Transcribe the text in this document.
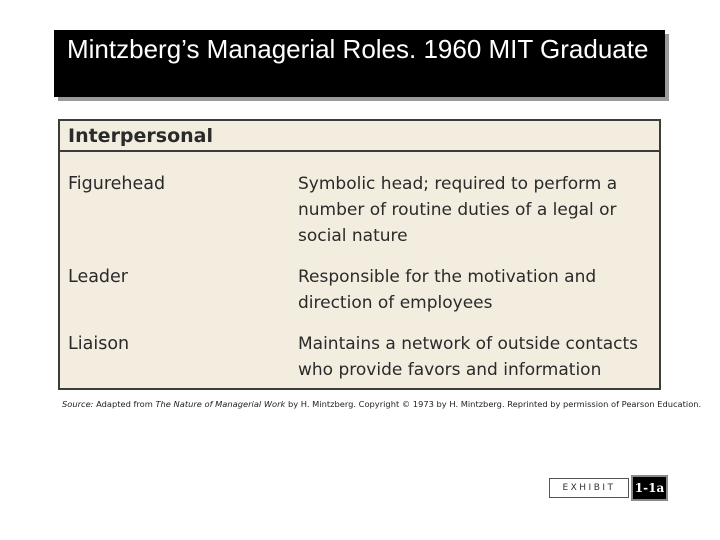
Mintzberg’s Managerial Roles. 1960 MIT Graduate
Interpersonal
Figurehead	Symbolic head; required to perform a
number of routine duties of a legal or
social nature
Leader	Responsible for the motivation and
direction of employees
Liaison	Maintains a network of outside contacts
who provide favors and information
Source: Adapted from The Nature of Managerial Work by H. Mintzberg. Copyright © 1973 by H. Mintzberg. Reprinted by permission of Pearson Education.
EXHIBIT	1-1a
